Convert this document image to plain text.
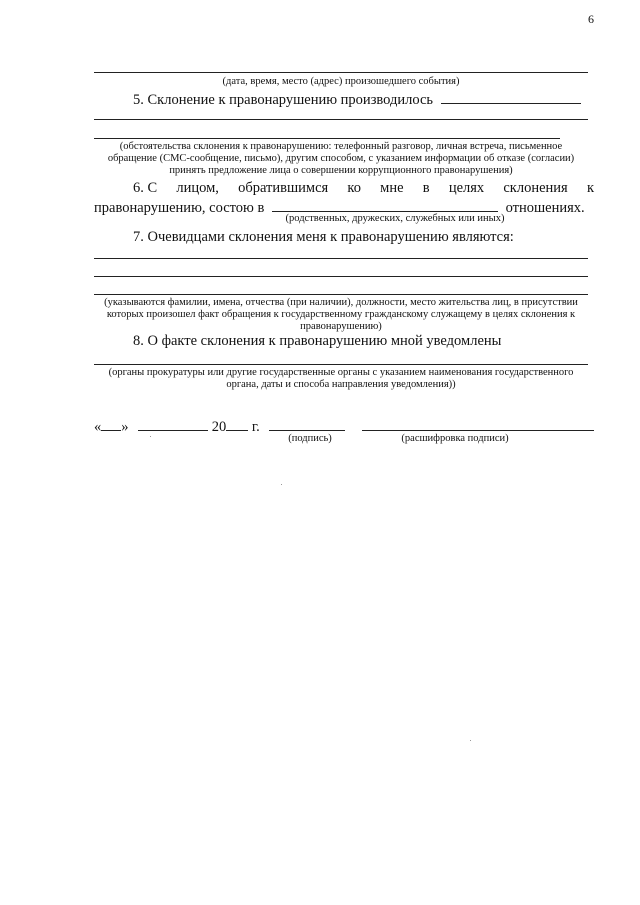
6
(дата, время, место (адрес) произошедшего события)
5. Склонение к правонарушению производилось
(обстоятельства склонения к правонарушению: телефонный разговор, личная встреча, письменное
обращение (СМС-сообщение, письмо), другим способом, с указанием информации об отказе (согласии)
принять предложение лица о совершении коррупционного правонарушения)
6. С лицом, обратившимся ко мне в целях склонения к
правонарушению, состою в	отношениях.
(родственных, дружеских, служебных или иных)
7. Очевидцами склонения меня к правонарушению являются:
(указываются фамилии, имена, отчества (при наличии), должности, место жительства лиц, в присутствии
которых произошел факт обращения к государственному гражданскому служащему в целях склонения к
правонарушению)
8. О факте склонения к правонарушению мной уведомлены
(органы прокуратуры или другие государственные органы с указанием наименования государственного
органа, даты и способа направления уведомления))
« »	20 г.
(подпись)	(расшифровка подписи)
